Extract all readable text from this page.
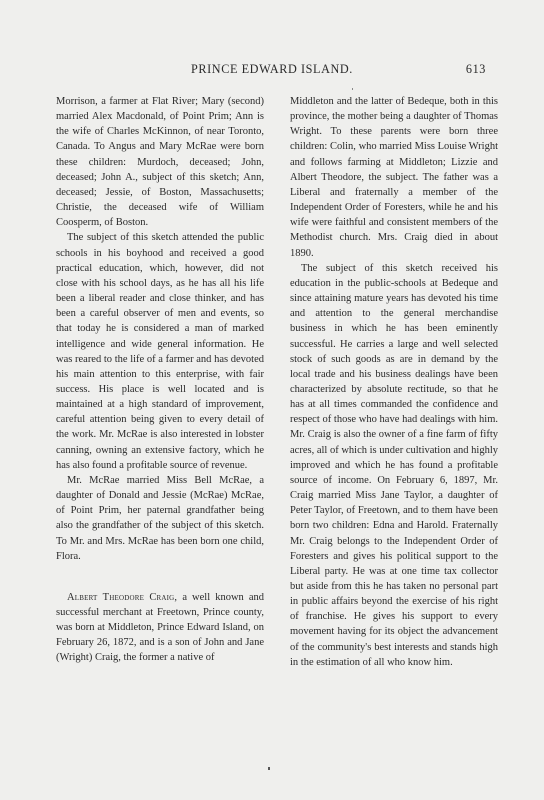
PRINCE EDWARD ISLAND.	613

Morrison, a farmer at Flat River; Mary (second) married Alex Macdonald, of Point Prim; Ann is the wife of Charles McKinnon, of near Toronto, Canada. To Angus and Mary McRae were born these children: Murdoch, deceased; John, deceased; John A., subject of this sketch; Ann, deceased; Jessie, of Boston, Massachusetts; Christie, the deceased wife of William Coosperm, of Boston.

The subject of this sketch attended the public schools in his boyhood and received a good practical education, which, however, did not close with his school days, as he has all his life been a liberal reader and close thinker, and has been a careful observer of men and events, so that today he is considered a man of marked intelligence and wide general information. He was reared to the life of a farmer and has devoted his main attention to this enterprise, with fair success. His place is well located and is maintained at a high standard of improvement, careful attention being given to every detail of the work. Mr. McRae is also interested in lobster canning, owning an extensive factory, which he has also found a profitable source of revenue.

Mr. McRae married Miss Bell McRae, a daughter of Donald and Jessie (McRae) McRae, of Point Prim, her paternal grandfather being also the grandfather of the subject of this sketch. To Mr. and Mrs. McRae has been born one child, Flora.

Albert Theodore Craig, a well known and successful merchant at Freetown, Prince county, was born at Middleton, Prince Edward Island, on February 26, 1872, and is a son of John and Jane (Wright) Craig, the former a native of

Middleton and the latter of Bedeque, both in this province, the mother being a daughter of Thomas Wright. To these parents were born three children: Colin, who married Miss Louise Wright and follows farming at Middleton; Lizzie and Albert Theodore, the subject. The father was a Liberal and fraternally a member of the Independent Order of Foresters, while he and his wife were faithful and consistent members of the Methodist church. Mrs. Craig died in about 1890.

The subject of this sketch received his education in the public-schools at Bedeque and since attaining mature years has devoted his time and attention to the general merchandise business in which he has been eminently successful. He carries a large and well selected stock of such goods as are in demand by the local trade and his business dealings have been characterized by absolute rectitude, so that he has at all times commanded the confidence and respect of those who have had dealings with him. Mr. Craig is also the owner of a fine farm of fifty acres, all of which is under cultivation and highly improved and which he has found a profitable source of income. On February 6, 1897, Mr. Craig married Miss Jane Taylor, a daughter of Peter Taylor, of Freetown, and to them have been born two children: Edna and Harold. Fraternally Mr. Craig belongs to the Independent Order of Foresters and gives his political support to the Liberal party. He was at one time tax collector but aside from this he has taken no personal part in public affairs beyond the exercise of his right of franchise. He gives his support to every movement having for its object the advancement of the community's best interests and stands high in the estimation of all who know him.
